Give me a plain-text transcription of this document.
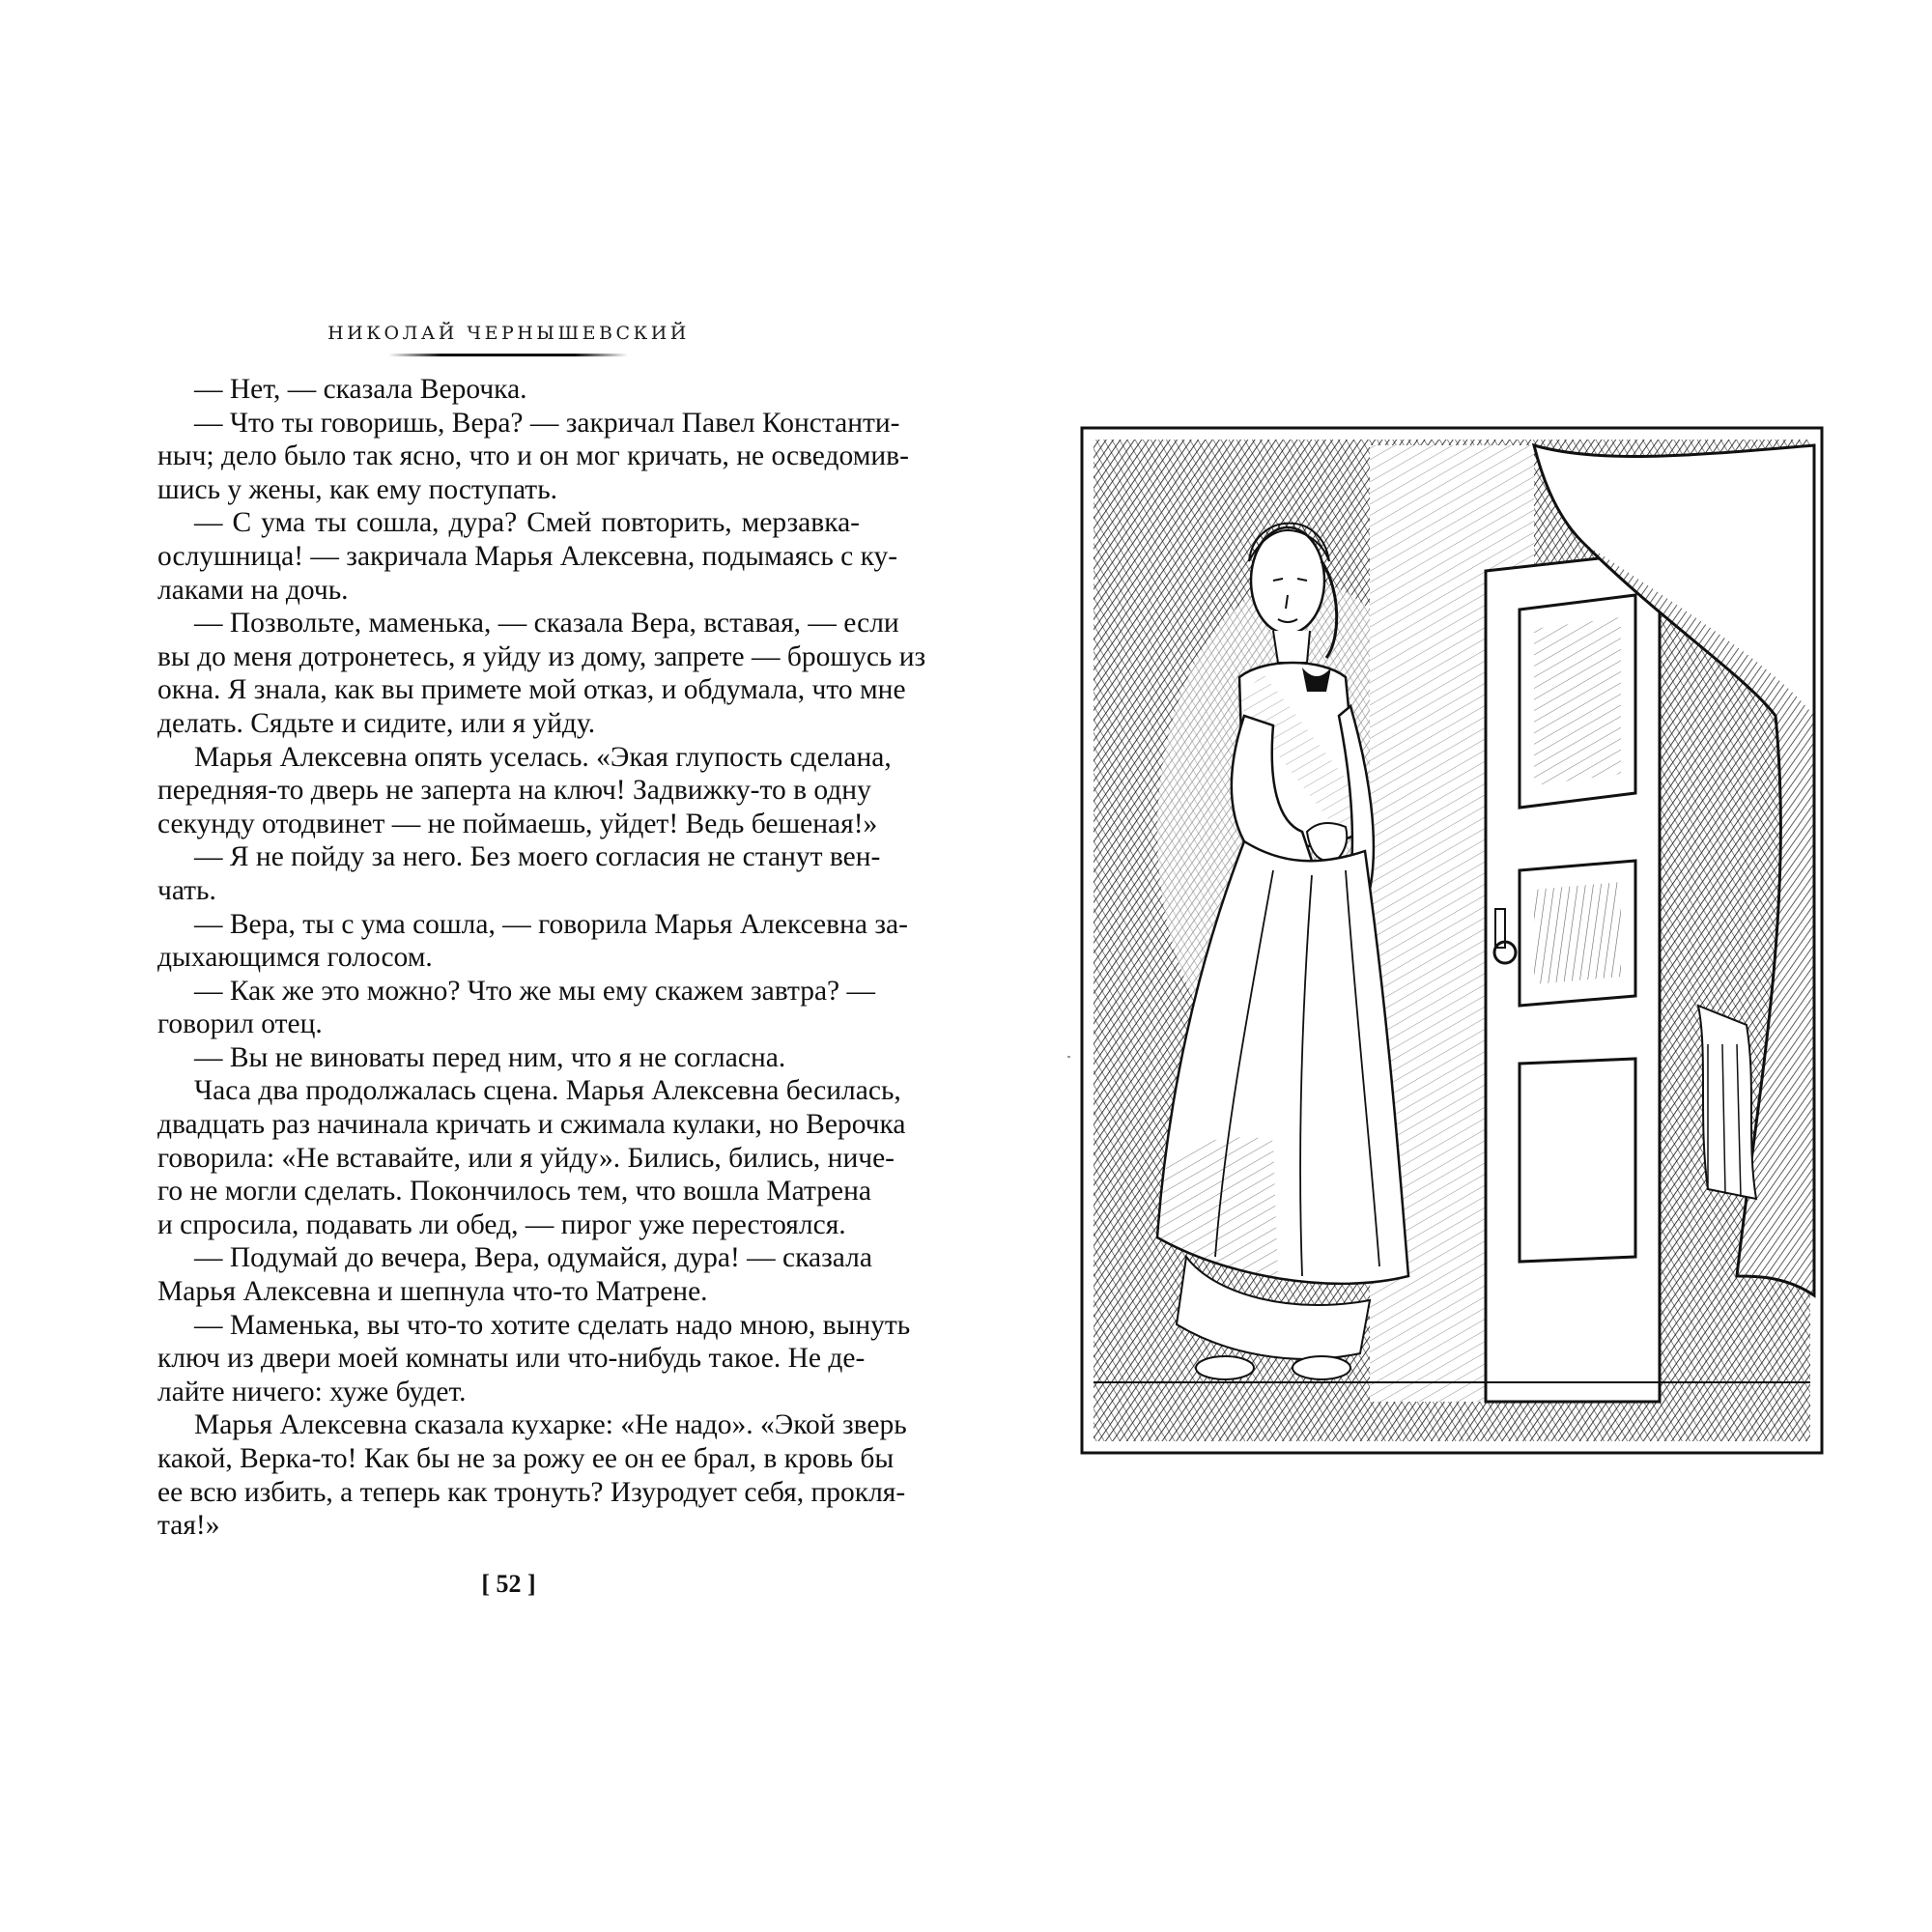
НИКОЛАЙ ЧЕРНЫШЕВСКИЙ
— Нет, — сказала Верочка.
— Что ты говоришь, Вера? — закричал Павел Константи-
ныч; дело было так ясно, что и он мог кричать, не осведомив-
шись у жены, как ему поступать.
— С ума ты сошла, дура? Смей повторить, мерзавка-
ослушница! — закричала Марья Алексевна, подымаясь с ку-
лаками на дочь.
— Позвольте, маменька, — сказала Вера, вставая, — если
вы до меня дотронетесь, я уйду из дому, запрете — брошусь из
окна. Я знала, как вы примете мой отказ, и обдумала, что мне
делать. Сядьте и сидите, или я уйду.
Марья Алексевна опять уселась. «Экая глупость сделана,
передняя-то дверь не заперта на ключ! Задвижку-то в одну
секунду отодвинет — не поймаешь, уйдет! Ведь бешеная!»
— Я не пойду за него. Без моего согласия не станут вен-
чать.
— Вера, ты с ума сошла, — говорила Марья Алексевна за-
дыхающимся голосом.
— Как же это можно? Что же мы ему скажем завтра? —
говорил отец.
— Вы не виноваты перед ним, что я не согласна.
Часа два продолжалась сцена. Марья Алексевна бесилась,
двадцать раз начинала кричать и сжимала кулаки, но Верочка
говорила: «Не вставайте, или я уйду». Бились, бились, ниче-
го не могли сделать. Покончилось тем, что вошла Матрена
и спросила, подавать ли обед, — пирог уже перестоялся.
— Подумай до вечера, Вера, одумайся, дура! — сказала
Марья Алексевна и шепнула что-то Матрене.
— Маменька, вы что-то хотите сделать надо мною, вынуть
ключ из двери моей комнаты или что-нибудь такое. Не де-
лайте ничего: хуже будет.
Марья Алексевна сказала кухарке: «Не надо». «Экой зверь
какой, Верка-то! Как бы не за рожу ее он ее брал, в кровь бы
ее всю избить, а теперь как тронуть? Изуродует себя, прокля-
тая!»
[ 52 ]
